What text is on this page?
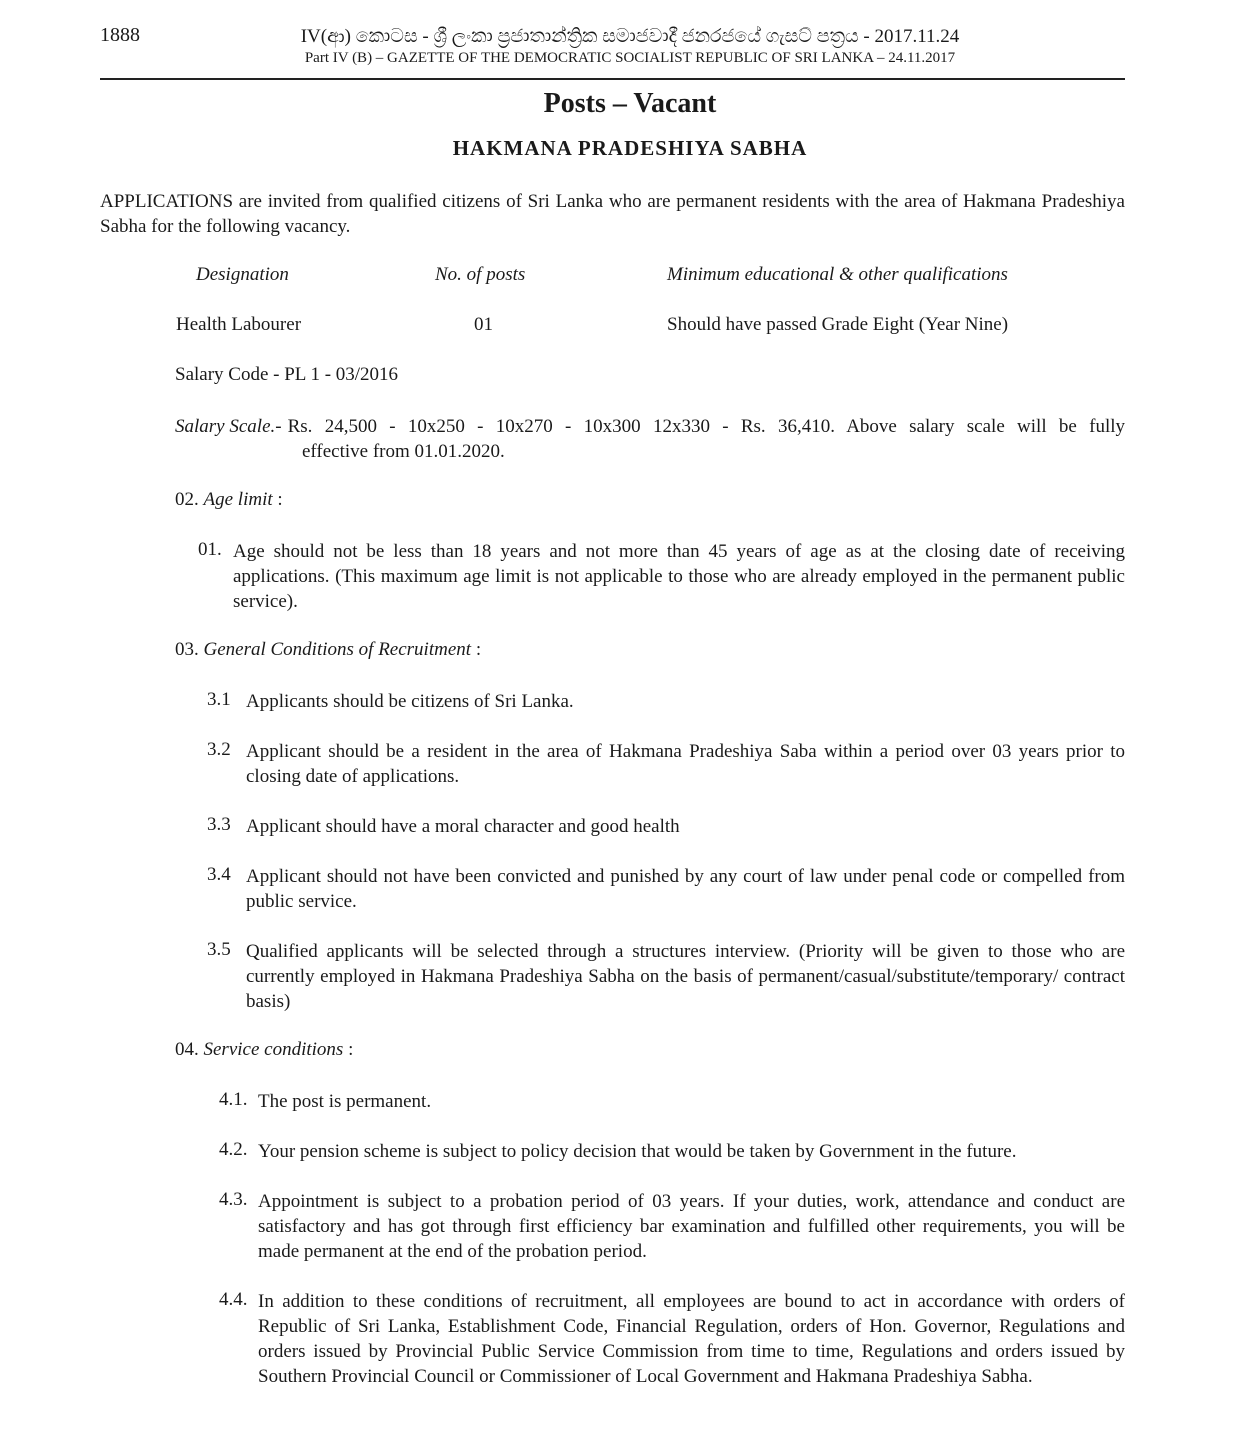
1888	IV(ආ) කොටස - ශ්‍රී ලංකා ප්‍රජාතාන්ත්‍රික සමාජවාදී ජනරජයේ ගැසට් පත්‍රය - 2017.11.24
Part IV (B) – GAZETTE OF THE DEMOCRATIC SOCIALIST REPUBLIC OF SRI LANKA – 24.11.2017
Posts – Vacant
HAKMANA PRADESHIYA SABHA
APPLICATIONS are invited from qualified citizens of Sri Lanka who are permanent residents with the area of Hakmana Pradeshiya Sabha for the following vacancy.
Designation	No. of posts	Minimum educational & other qualifications
Health Labourer	01	Should have passed Grade Eight (Year Nine)
Salary Code - PL 1 - 03/2016
Salary Scale. - Rs. 24,500 - 10x250 - 10x270 - 10x300 12x330 - Rs. 36,410. Above salary scale will be fully
effective from 01.01.2020.
02. Age limit :
01. Age should not be less than 18 years and not more than 45 years of age as at the closing date of receiving applications. (This maximum age limit is not applicable to those who are already employed in the permanent public service).
03. General Conditions of Recruitment :
3.1 Applicants should be citizens of Sri Lanka.
3.2 Applicant should be a resident in the area of Hakmana Pradeshiya Saba within a period over 03 years prior to closing date of applications.
3.3 Applicant should have a moral character and good health
3.4 Applicant should not have been convicted and punished by any court of law under penal code or compelled from public service.
3.5 Qualified applicants will be selected through a structures interview. (Priority will be given to those who are currently employed in Hakmana Pradeshiya Sabha on the basis of permanent/casual/substitute/temporary/ contract basis)
04. Service conditions :
4.1. The post is permanent.
4.2. Your pension scheme is subject to policy decision that would be taken by Government in the future.
4.3. Appointment is subject to a probation period of 03 years. If your duties, work, attendance and conduct are satisfactory and has got through first efficiency bar examination and fulfilled other requirements, you will be made permanent at the end of the probation period.
4.4. In addition to these conditions of recruitment, all employees are bound to act in accordance with orders of Republic of Sri Lanka, Establishment Code, Financial Regulation, orders of Hon. Governor, Regulations and orders issued by Provincial Public Service Commission from time to time, Regulations and orders issued by Southern Provincial Council or Commissioner of Local Government and Hakmana Pradeshiya Sabha.
